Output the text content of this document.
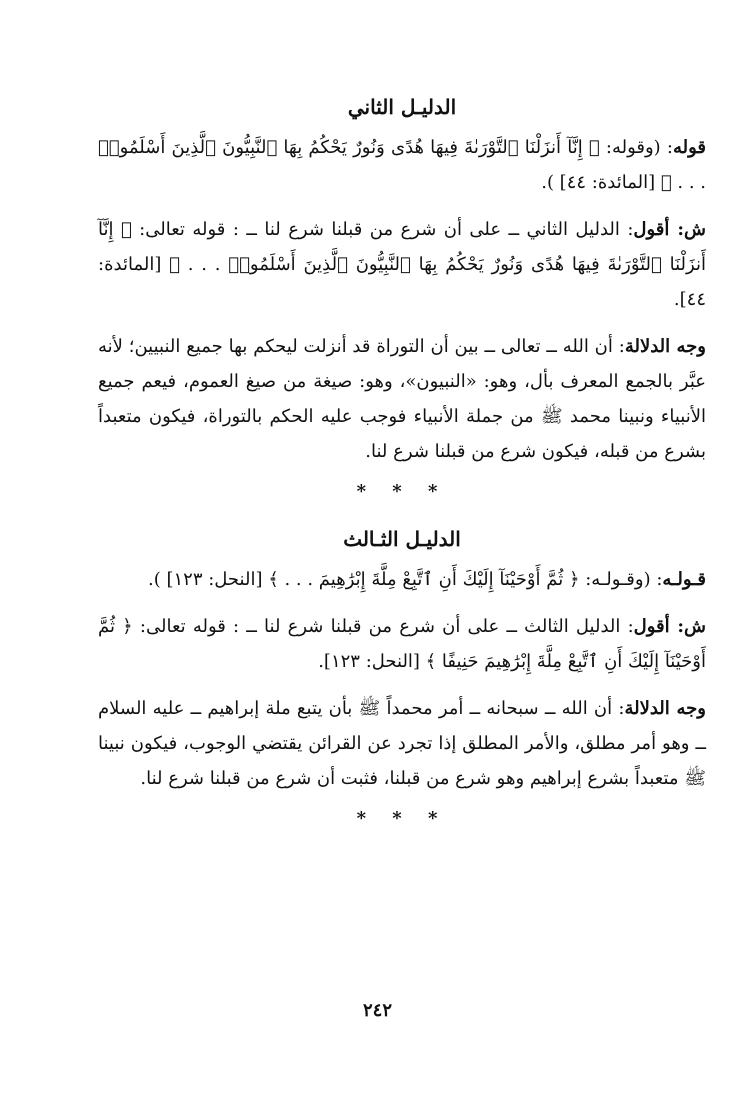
الدليـل الثاني

قوله: (وقوله: ﴿ إِنَّآ أَنزَلْنَا ٱلتَّوْرَىٰةَ فِيهَا هُدًى وَنُورٌ يَحْكُمُ بِهَا ٱلنَّبِيُّونَ ٱلَّذِينَ أَسْلَمُوا۟ . . . ﴾ [المائدة: ٤٤] ).

ش: أقول: الدليل الثاني ــ على أن شرع من قبلنا شرع لنا ــ : قوله تعالى: ﴿ إِنَّآ أَنزَلْنَا ٱلتَّوْرَىٰةَ فِيهَا هُدًى وَنُورٌ يَحْكُمُ بِهَا ٱلنَّبِيُّونَ ٱلَّذِينَ أَسْلَمُوا۟ . . . ﴾ [المائدة: ٤٤].

وجه الدلالة: أن الله ــ تعالى ــ بين أن التوراة قد أنزلت ليحكم بها جميع النبيين؛ لأنه عبَّر بالجمع المعرف بأل، وهو: «النبيون»، وهو: صيغة من صيغ العموم، فيعم جميع الأنبياء ونبينا محمد ﷺ من جملة الأنبياء فوجب عليه الحكم بالتوراة، فيكون متعبداً بشرع من قبله، فيكون شرع من قبلنا شرع لنا.

* * *
الدليـل الثـالث

قـولـه: (وقـولـه: ﴿ ثُمَّ أَوْحَيْنَآ إِلَيْكَ أَنِ ٱتَّبِعْ مِلَّةَ إِبْرَٰهِيمَ . . . ﴾ [النحل: ١٢٣] ).

ش: أقول: الدليل الثالث ــ على أن شرع من قبلنا شرع لنا ــ : قوله تعالى: ﴿ ثُمَّ أَوْحَيْنَآ إِلَيْكَ أَنِ ٱتَّبِعْ مِلَّةَ إِبْرَٰهِيمَ حَنِيفًا ﴾ [النحل: ١٢٣].

وجه الدلالة: أن الله ــ سبحانه ــ أمر محمداً ﷺ بأن يتبع ملة إبراهيم ــ عليه السلام ــ وهو أمر مطلق، والأمر المطلق إذا تجرد عن القرائن يقتضي الوجوب، فيكون نبينا ﷺ متعبداً بشرع إبراهيم وهو شرع من قبلنا، فثبت أن شرع من قبلنا شرع لنا.

* * *
٢٤٢
